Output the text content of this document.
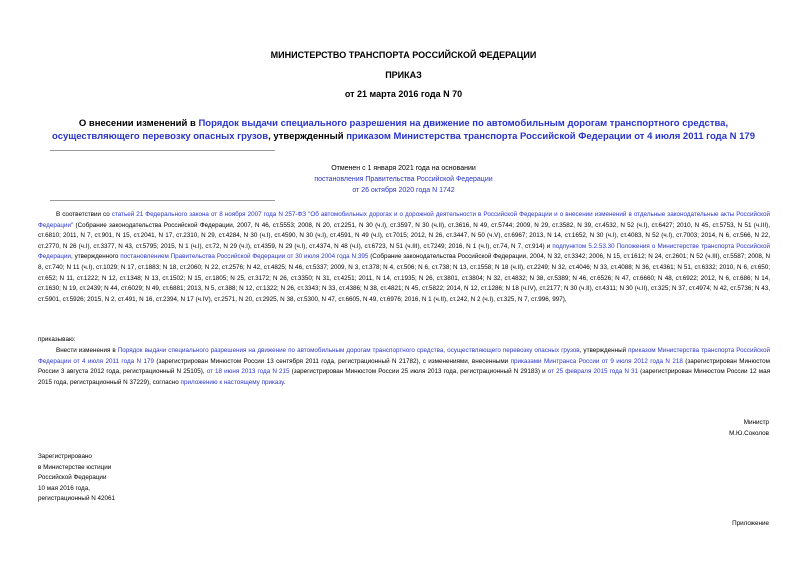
МИНИСТЕРСТВО ТРАНСПОРТА РОССИЙСКОЙ ФЕДЕРАЦИИ
ПРИКАЗ
от 21 марта 2016 года N 70
О внесении изменений в Порядок выдачи специального разрешения на движение по автомобильным дорогам транспортного средства, осуществляющего перевозку опасных грузов, утвержденный приказом Министерства транспорта Российской Федерации от 4 июля 2011 года N 179
Отменен с 1 января 2021 года на основании
постановления Правительства Российской Федерации
от 26 октября 2020 года N 1742

В соответствии со статьей 21 Федерального закона от 8 ноября 2007 года N 257-ФЗ "Об автомобильных дорогах и о дорожной деятельности в Российской Федерации и о внесении изменений в отдельные законодательные акты Российской Федерации" (Собрание законодательства Российской Федерации, 2007, N 46, ст.5553; 2008, N 20, ст.2251, N 30 (ч.I), ст.3597, N 30 (ч.II), ст.3616, N 49, ст.5744; 2009, N 29, ст.3582, N 39, ст.4532, N 52 (ч.I), ст.6427; 2010, N 45, ст.5753, N 51 (ч.III), ст.6810; 2011, N 7, ст.901, N 15, ст.2041, N 17, ст.2310, N 29, ст.4284, N 30 (ч.I), ст.4590, N 30 (ч.I), ст.4591, N 49 (ч.I), ст.7015; 2012, N 26, ст.3447, N 50 (ч.V), ст.6967; 2013, N 14, ст.1652, N 30 (ч.I), ст.4083, N 52 (ч.I), ст.7003; 2014, N 6, ст.566, N 22, ст.2770, N 26 (ч.I), ст.3377, N 43, ст.5795; 2015, N 1 (ч.I), ст.72, N 29 (ч.I), ст.4359, N 29 (ч.I), ст.4374, N 48 (ч.I), ст.6723, N 51 (ч.III), ст.7249; 2016, N 1 (ч.I), ст.74, N 7, ст.914) и подпунктом 5.2.53.30 Положения о Министерстве транспорта Российской Федерации, утвержденного постановлением Правительства Российской Федерации от 30 июля 2004 года N 395 (Собрание законодательства Российской Федерации, 2004, N 32, ст.3342; 2006, N 15, ст.1612; N 24, ст.2601; N 52 (ч.III), ст.5587; 2008, N 8, ст.740; N 11 (ч.I), ст.1029; N 17, ст.1883; N 18, ст.2060; N 22, ст.2576; N 42, ст.4825; N 46, ст.5337; 2009, N 3, ст.378; N 4, ст.506; N 6, ст.738; N 13, ст.1558; N 18 (ч.II), ст.2249; N 32, ст.4046; N 33, ст.4088; N 36, ст.4361; N 51, ст.6332; 2010, N 6, ст.650; ст.652; N 11, ст.1222; N 12, ст.1348; N 13, ст.1502; N 15, ст.1805; N 25, ст.3172; N 26, ст.3350; N 31, ст.4251; 2011, N 14, ст.1935; N 26, ст.3801, ст.3804; N 32, ст.4832; N 38, ст.5389; N 46, ст.6526; N 47, ст.6660; N 48, ст.6922; 2012, N 6, ст.686; N 14, ст.1630; N 19, ст.2439; N 44, ст.6029; N 49, ст.6881; 2013, N 5, ст.388; N 12, ст.1322; N 26, ст.3343; N 33, ст.4386; N 38, ст.4821; N 45, ст.5822; 2014, N 12, ст.1286; N 18 (ч.IV), ст.2177; N 30 (ч.II), ст.4311; N 30 (ч.II), ст.325; N 37, ст.4974; N 42, ст.5736; N 43, ст.5901, ст.5926; 2015, N 2, ст.491, N 16, ст.2394, N 17 (ч.IV), ст.2571, N 20, ст.2925, N 38, ст.5300, N 47, ст.6605, N 49, ст.6976; 2016, N 1 (ч.II), ст.242, N 2 (ч.I), ст.325, N 7, ст.996, 997),

приказываю:

Внести изменения в Порядок выдачи специального разрешения на движение по автомобильным дорогам транспортного средства, осуществляющего перевозку опасных грузов, утвержденный приказом Министерства транспорта Российской Федерации от 4 июля 2011 года N 179 (зарегистрирован Минюстом России 13 сентября 2011 года, регистрационный N 21782), с изменениями, внесенными приказами Минтранса России от 9 июля 2012 года N 218 (зарегистрирован Минюстом России 3 августа 2012 года, регистрационный N 25105), от 18 июня 2013 года N 215 (зарегистрирован Минюстом России 25 июля 2013 года, регистрационный N 29183) и от 25 февраля 2015 года N 31 (зарегистрирован Минюстом России 12 мая 2015 года, регистрационный N 37229), согласно приложению к настоящему приказу.

Министр
М.Ю.Соколов
Зарегистрировано
в Министерстве юстиции
Российской Федерации
10 мая 2016 года,
регистрационный N 42061
Приложение
